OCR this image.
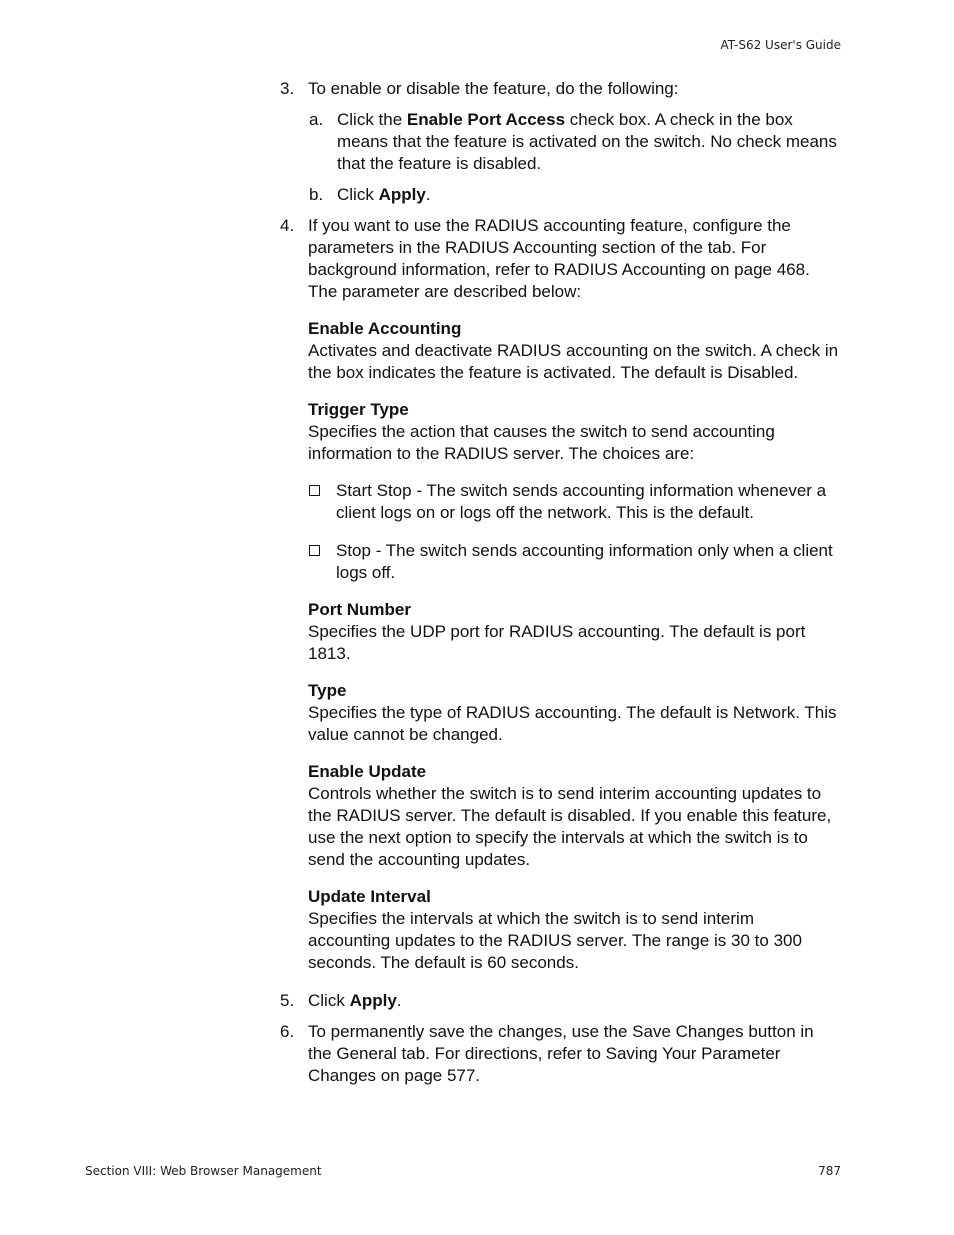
AT-S62 User's Guide
3. To enable or disable the feature, do the following:
a. Click the Enable Port Access check box. A check in the box means that the feature is activated on the switch. No check means that the feature is disabled.
b. Click Apply.
4. If you want to use the RADIUS accounting feature, configure the parameters in the RADIUS Accounting section of the tab. For background information, refer to RADIUS Accounting on page 468. The parameter are described below:
Enable Accounting
Activates and deactivate RADIUS accounting on the switch. A check in the box indicates the feature is activated. The default is Disabled.
Trigger Type
Specifies the action that causes the switch to send accounting information to the RADIUS server. The choices are:
Start Stop - The switch sends accounting information whenever a client logs on or logs off the network. This is the default.
Stop - The switch sends accounting information only when a client logs off.
Port Number
Specifies the UDP port for RADIUS accounting. The default is port 1813.
Type
Specifies the type of RADIUS accounting. The default is Network. This value cannot be changed.
Enable Update
Controls whether the switch is to send interim accounting updates to the RADIUS server. The default is disabled. If you enable this feature, use the next option to specify the intervals at which the switch is to send the accounting updates.
Update Interval
Specifies the intervals at which the switch is to send interim accounting updates to the RADIUS server. The range is 30 to 300 seconds. The default is 60 seconds.
5. Click Apply.
6. To permanently save the changes, use the Save Changes button in the General tab. For directions, refer to Saving Your Parameter Changes on page 577.
Section VIII: Web Browser Management	787
